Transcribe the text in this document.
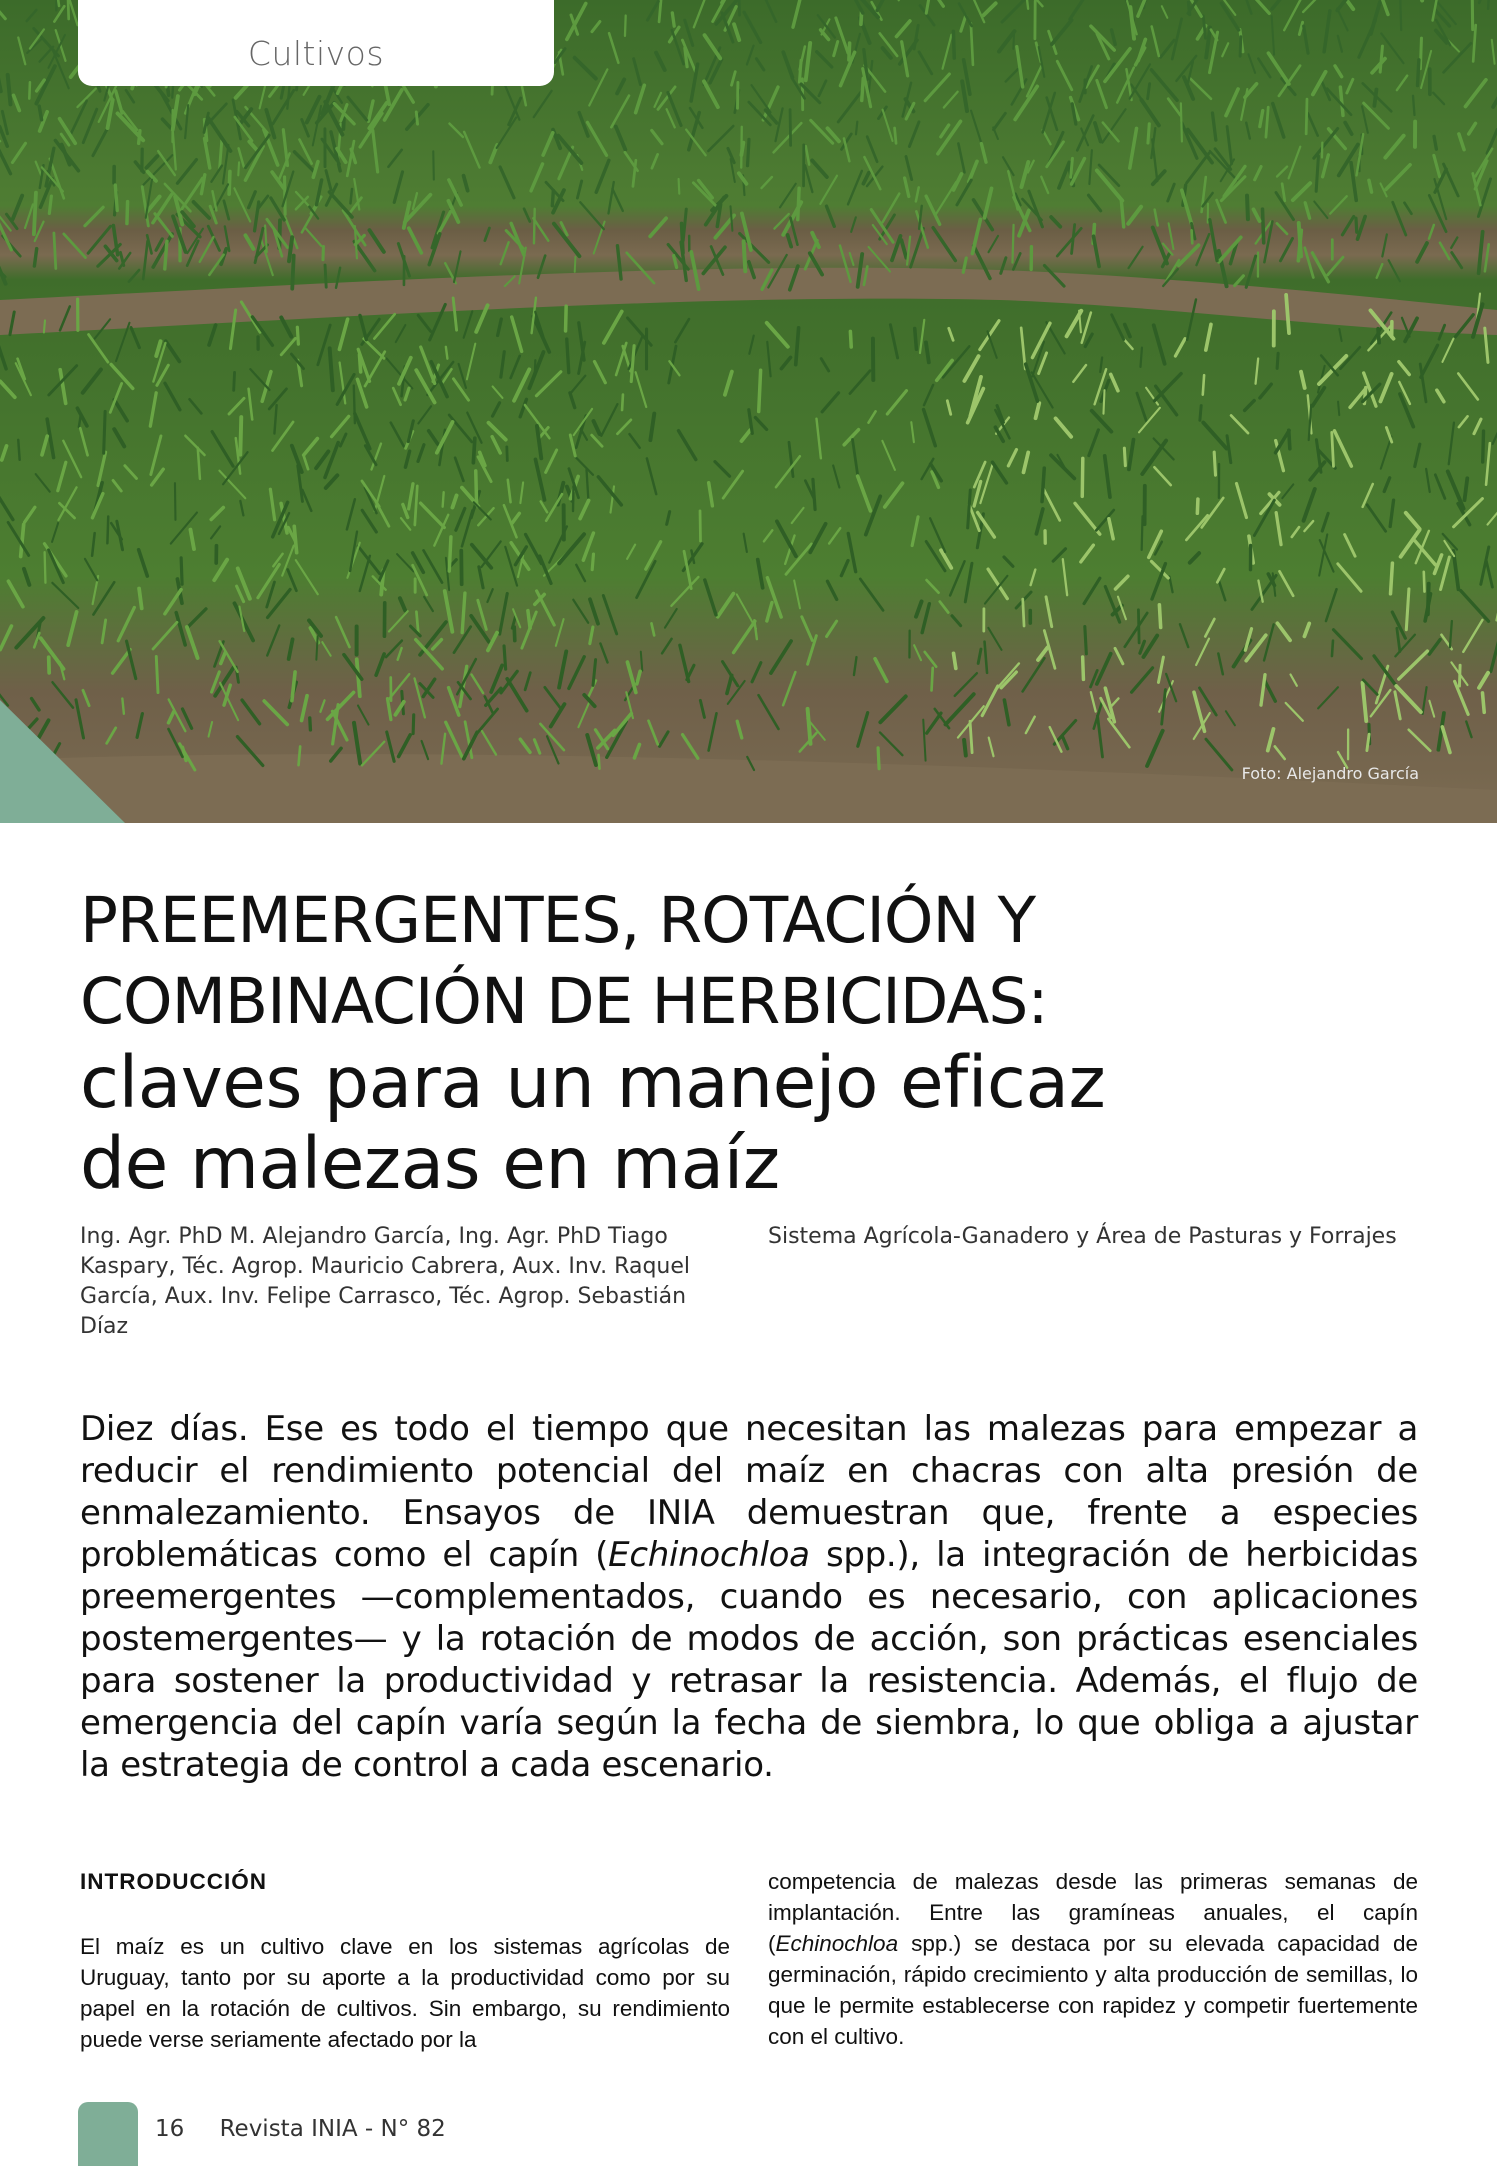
Foto: Alejandro García
Cultivos
PREEMERGENTES, ROTACIÓN Y
COMBINACIÓN DE HERBICIDAS:
claves para un manejo eficaz
de malezas en maíz
Ing. Agr. PhD M. Alejandro García, Ing. Agr. PhD Tiago Kaspary, Téc. Agrop. Mauricio Cabrera, Aux. Inv. Raquel García, Aux. Inv. Felipe Carrasco, Téc. Agrop. Sebastián Díaz
Sistema Agrícola-Ganadero y Área de Pasturas y Forrajes
Diez días. Ese es todo el tiempo que necesitan las malezas para empezar a reducir el rendimiento potencial del maíz en chacras con alta presión de enmalezamiento. Ensayos de INIA demuestran que, frente a especies problemáticas como el capín (Echinochloa spp.), la integración de herbicidas preemergentes —complementados, cuando es necesario, con aplicaciones postemergentes— y la rotación de modos de acción, son prácticas esenciales para sostener la productividad y retrasar la resistencia. Además, el flujo de emergencia del capín varía según la fecha de siembra, lo que obliga a ajustar la estrategia de control a cada escenario.
INTRODUCCIÓN

El maíz es un cultivo clave en los sistemas agrícolas de Uruguay, tanto por su aporte a la productividad como por su papel en la rotación de cultivos. Sin embargo, su rendimiento puede verse seriamente afectado por la

competencia de malezas desde las primeras semanas de implantación. Entre las gramíneas anuales, el capín (Echinochloa spp.) se destaca por su elevada capacidad de germinación, rápido crecimiento y alta producción de semillas, lo que le permite establecerse con rapidez y competir fuertemente con el cultivo.

16 Revista INIA - N° 82
